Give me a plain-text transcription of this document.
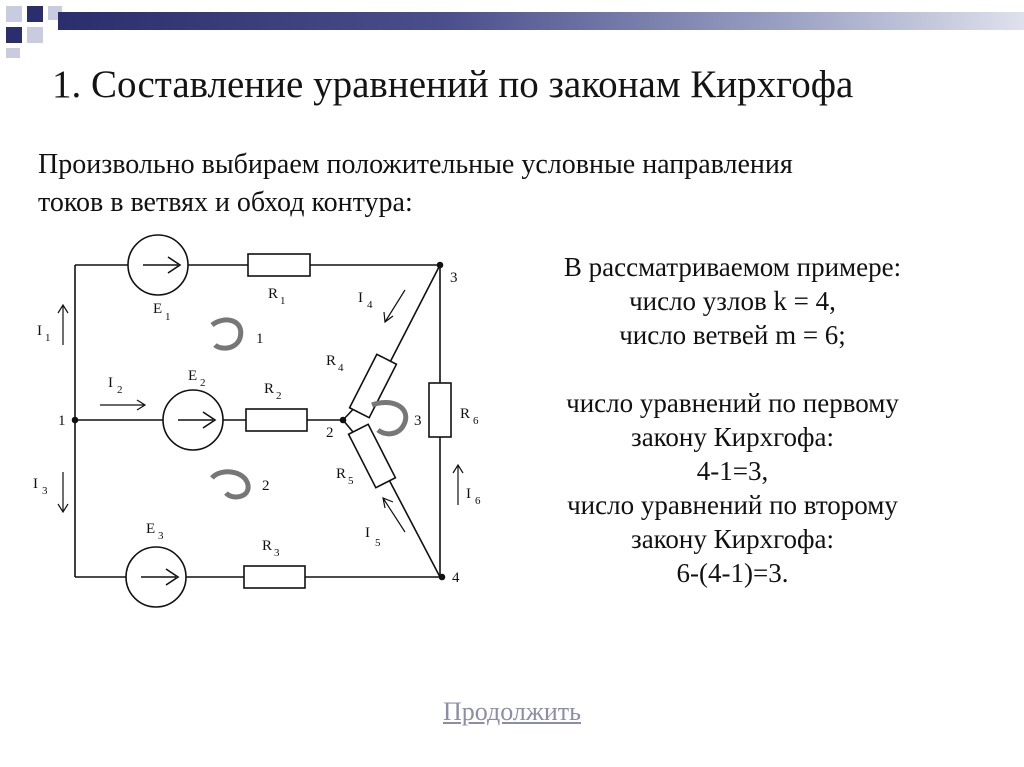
1. Составление уравнений по законам Кирхгофа
Произвольно выбираем положительные условные направления
токов в ветвях и обход контура:
E 1
E 2
E 3
R 1
R 2
R 3
R 4
R 5
R 6
I 1
I 2
I 3
I 4
I
5
I 6
1
2
3
4
1
2
3
В рассматриваемом примере:
число узлов k = 4,
число ветвей m = 6;
число уравнений по первому
закону Кирхгофа:
4-1=3,
число уравнений по второму
закону Кирхгофа:
6-(4-1)=3.
Продолжить
